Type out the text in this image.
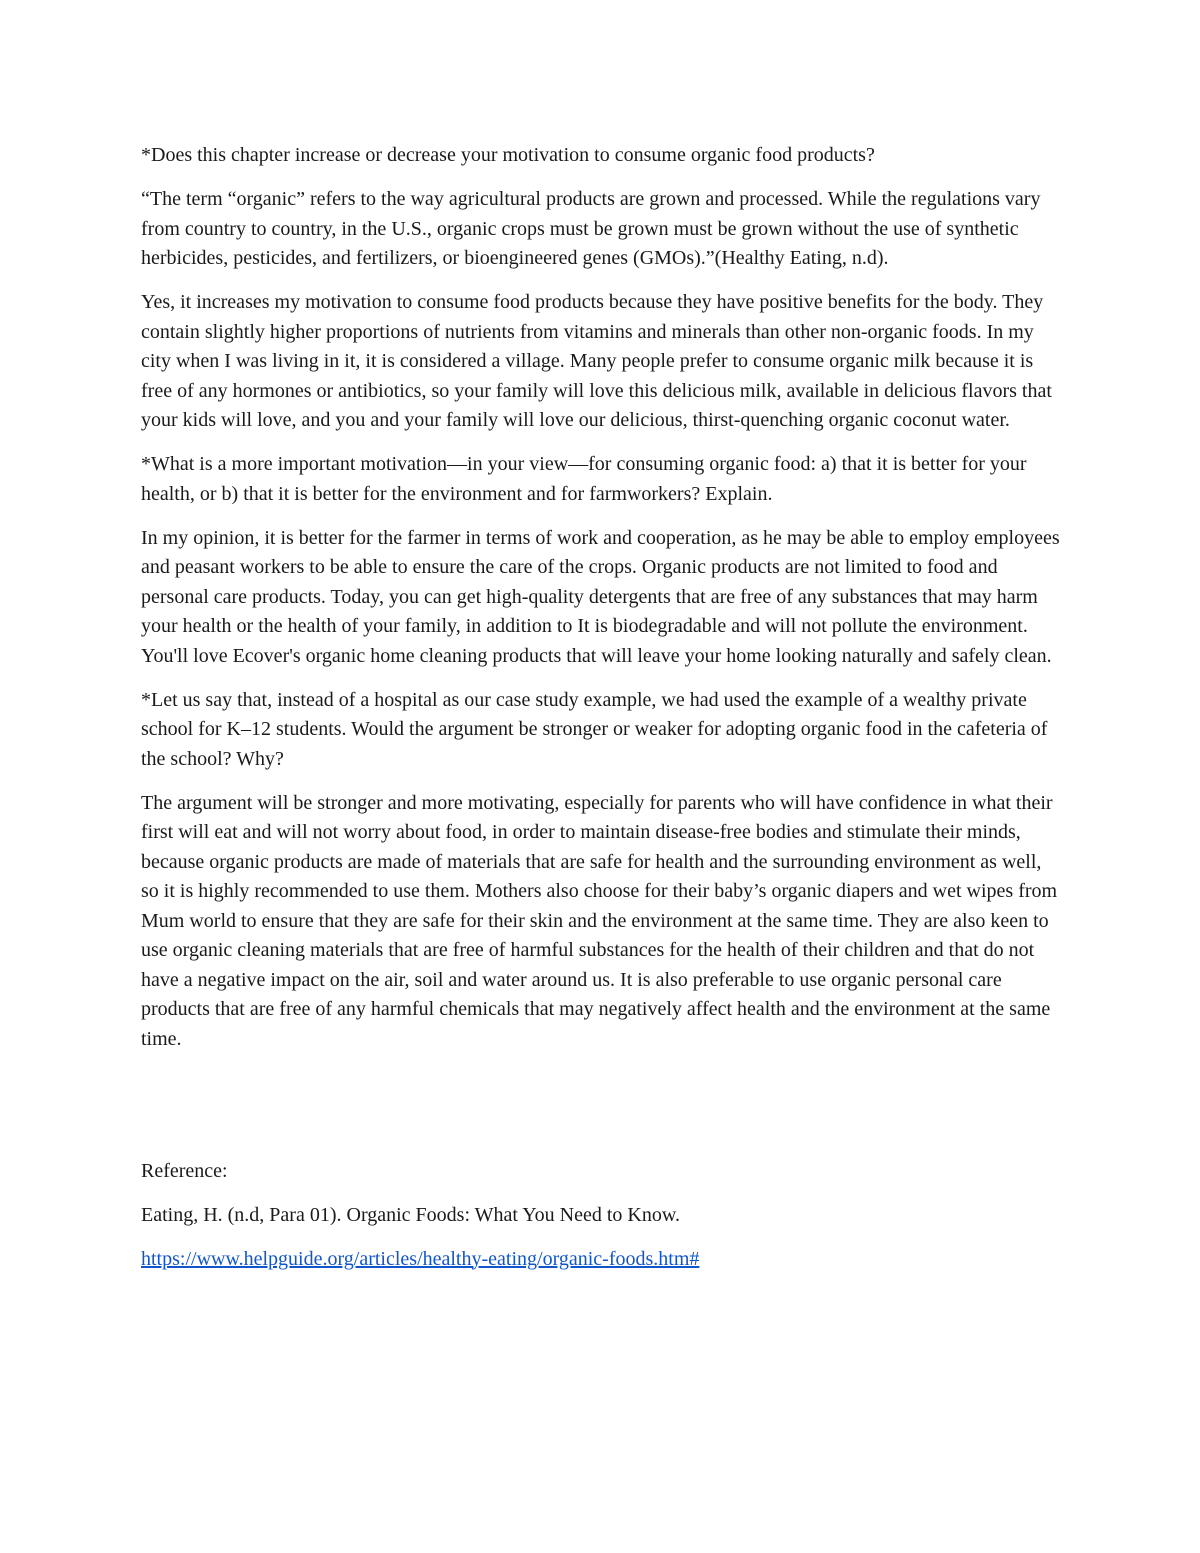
*Does this chapter increase or decrease your motivation to consume organic food products?

“The term “organic” refers to the way agricultural products are grown and processed. While the regulations vary from country to country, in the U.S., organic crops must be grown must be grown without the use of synthetic herbicides, pesticides, and fertilizers, or bioengineered genes (GMOs).”(Healthy Eating, n.d).

Yes, it increases my motivation to consume food products because they have positive benefits for the body. They contain slightly higher proportions of nutrients from vitamins and minerals than other non-organic foods. In my city when I was living in it, it is considered a village. Many people prefer to consume organic milk because it is free of any hormones or antibiotics, so your family will love this delicious milk, available in delicious flavors that your kids will love, and you and your family will love our delicious, thirst-quenching organic coconut water.

*What is a more important motivation—in your view—for consuming organic food: a) that it is better for your health, or b) that it is better for the environment and for farmworkers? Explain.

In my opinion, it is better for the farmer in terms of work and cooperation, as he may be able to employ employees and peasant workers to be able to ensure the care of the crops. Organic products are not limited to food and personal care products. Today, you can get high-quality detergents that are free of any substances that may harm your health or the health of your family, in addition to It is biodegradable and will not pollute the environment. You'll love Ecover's organic home cleaning products that will leave your home looking naturally and safely clean.

*Let us say that, instead of a hospital as our case study example, we had used the example of a wealthy private school for K–12 students. Would the argument be stronger or weaker for adopting organic food in the cafeteria of the school? Why?

The argument will be stronger and more motivating, especially for parents who will have confidence in what their first will eat and will not worry about food, in order to maintain disease-free bodies and stimulate their minds, because organic products are made of materials that are safe for health and the surrounding environment as well, so it is highly recommended to use them. Mothers also choose for their baby’s organic diapers and wet wipes from Mum world to ensure that they are safe for their skin and the environment at the same time. They are also keen to use organic cleaning materials that are free of harmful substances for the health of their children and that do not have a negative impact on the air, soil and water around us. It is also preferable to use organic personal care products that are free of any harmful chemicals that may negatively affect health and the environment at the same time.

Reference:

Eating, H. (n.d, Para 01). Organic Foods: What You Need to Know.

https://www.helpguide.org/articles/healthy-eating/organic-foods.htm#
